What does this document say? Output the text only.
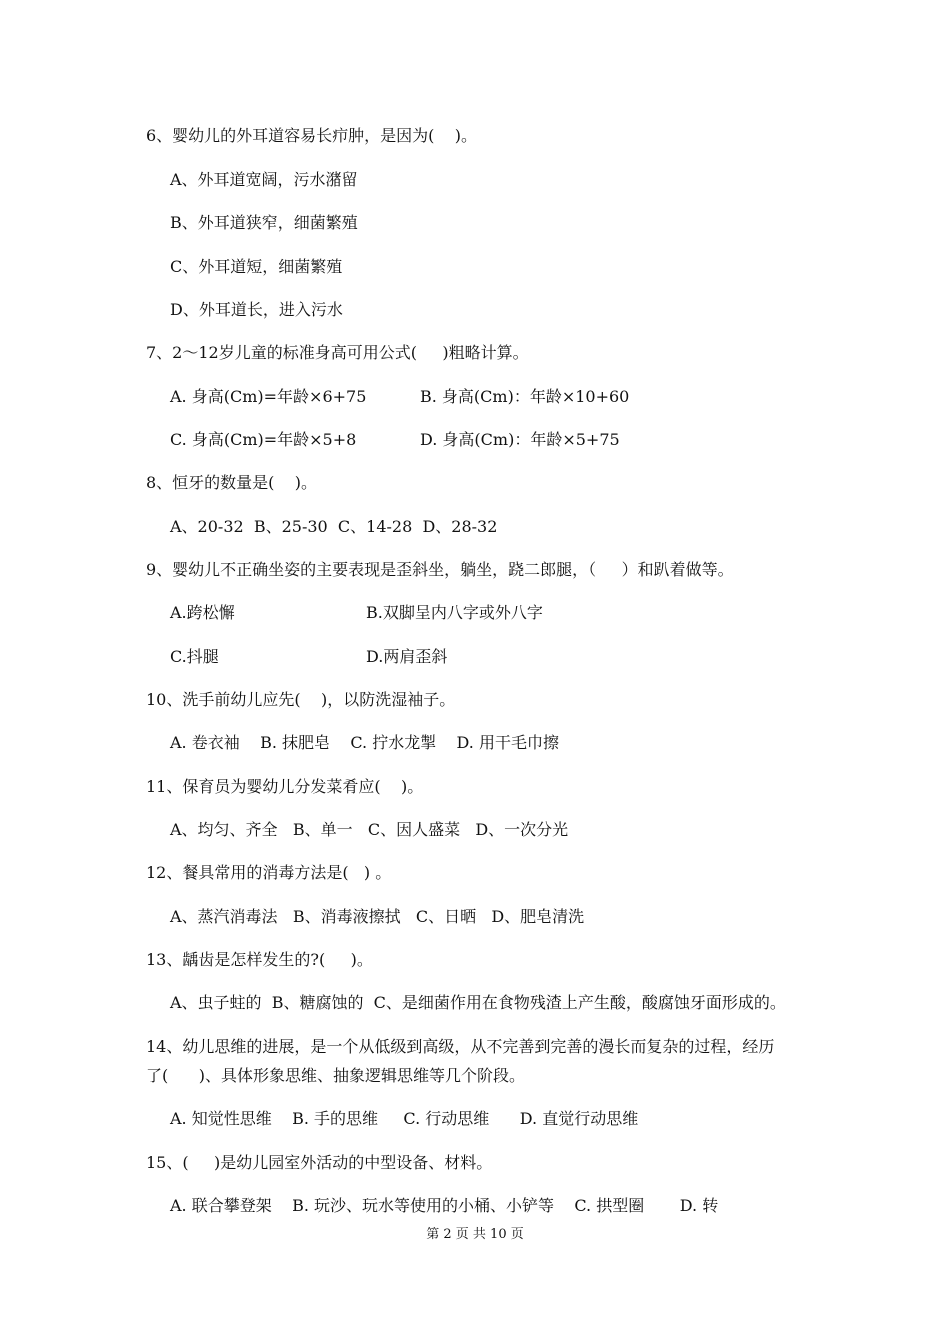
6、婴幼儿的外耳道容易长疖肿，是因为(    )。
A、外耳道宽阔，污水潴留
B、外耳道狭窄，细菌繁殖
C、外耳道短，细菌繁殖
D、外耳道长，进入污水
7、2～12岁儿童的标准身高可用公式(     )粗略计算。
A. 身高(Cm)=年龄×6+75	B. 身高(Cm)：年龄×10+60
C. 身高(Cm)=年龄×5+8	D. 身高(Cm)：年龄×5+75
8、恒牙的数量是(    )。
A、20-32  B、25-30  C、14-28  D、28-32
9、婴幼儿不正确坐姿的主要表现是歪斜坐，躺坐，跷二郎腿，（     ）和趴着做等。
A.跨松懈	B.双脚呈内八字或外八字
C.抖腿	D.两肩歪斜
10、洗手前幼儿应先(    )，以防洗湿袖子。
A. 卷衣袖    B. 抹肥皂    C. 拧水龙掣    D. 用干毛巾擦
11、保育员为婴幼儿分发菜肴应(    )。
A、均匀、齐全   B、单一   C、因人盛菜   D、一次分光
12、餐具常用的消毒方法是(   ) 。
A、蒸汽消毒法   B、消毒液擦拭   C、日晒   D、肥皂清洗
13、龋齿是怎样发生的?(     )。
A、虫子蛀的  B、糖腐蚀的  C、是细菌作用在食物残渣上产生酸，酸腐蚀牙面形成的。
14、幼儿思维的进展，是一个从低级到高级，从不完善到完善的漫长而复杂的过程，经历
了(      )、具体形象思维、抽象逻辑思维等几个阶段。
A. 知觉性思维    B. 手的思维     C. 行动思维      D. 直觉行动思维
15、(     )是幼儿园室外活动的中型设备、材料。
A. 联合攀登架    B. 玩沙、玩水等使用的小桶、小铲等    C. 拱型圈       D. 转
第 2 页 共 10 页
